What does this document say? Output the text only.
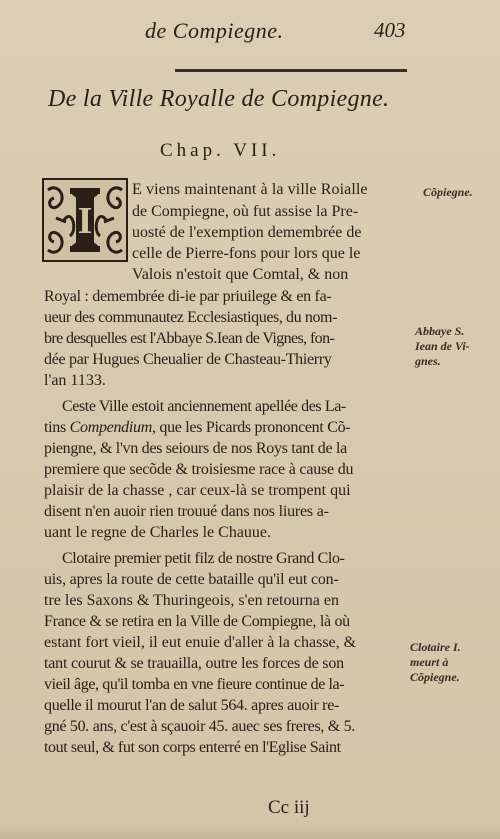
de Compiegne.	403
De la Ville Royalle de Compiegne.
Chap. VII.
I
E viens maintenant à la ville Roialle
de Compiegne, où fut assise la Pre-
uosté de l'exemption demembrée de
celle de Pierre-fons pour lors que le
Valois n'estoit que Comtal, & non
Royal : demembrée di-ie par priuilege & en fa-
ueur des communautez Ecclesiastiques, du nom-
bre desquelles est l'Abbaye S.Iean de Vignes, fon-
dée par Hugues Cheualier de Chasteau-Thierry
l'an 1133.
Ceste Ville estoit anciennement apellée des La-
tins Compendium, que les Picards prononcent Cõ-
piengne, & l'vn des seiours de nos Roys tant de la
premiere que secõde & troisiesme race à cause du
plaisir de la chasse , car ceux-là se trompent qui
disent n'en auoir rien trouué dans nos liures a-
uant le regne de Charles le Chauue.
Clotaire premier petit filz de nostre Grand Clo-
uis, apres la route de cette bataille qu'il eut con-
tre les Saxons & Thuringeois, s'en retourna en
France & se retira en la Ville de Compiegne, là où
estant fort vieil, il eut enuie d'aller à la chasse, &
tant courut & se trauailla, outre les forces de son
vieil âge, qu'il tomba en vne fieure continue de la-
quelle il mourut l'an de salut 564. apres auoir re-
gné 50. ans, c'est à sçauoir 45. auec ses freres, & 5.
tout seul, & fut son corps enterré en l'Eglise Saint
Cõpiegne.
Abbaye S.
Iean de Vi-
gnes.
Clotaire I.
meurt à
Cõpiegne.
Cc iij
